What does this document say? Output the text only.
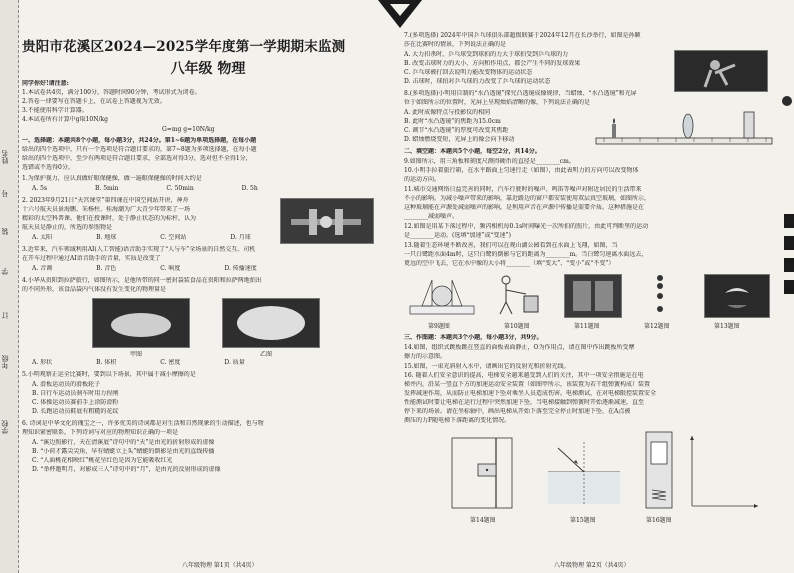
姓名
号
装
学
订
年级
学校
贵阳市花溪区2024—2025学年度第一学期期末监测
八年级 物理
同学你好!请注意:
1.本试卷共4页，满分100分，答题时间90分钟，考试形式为闭卷。
2.答卷一律要写在答题卡上，在试卷上答题视为无效。
3.不能使用科学计算器。
4.本试卷所有计算中g取10N/kg
G=mg g=10N/kg
一、选择题：本题共8个小题，每小题3分，共24分。第1~6题为单项选择题，在每小题
给出的四个选项中，只有一个选项是符合题目要求的，第7~8题为多项选择题，在每小题
给出的四个选项中，至少有两项是符合题目要求，全部选对得3分，选对但不全得1分，
选错或不选得0分。
1.为保护视力，应认真做好眼保健操，做一遍眼保健操的时间大约是
A. 5s	B. 5min	C. 50min	D. 5h
2. 2023年9月21日“天宫课堂”第四课在中国空间站开讲，神舟
十六号航天员景海鹏、朱杨柱、桂海潮为广大青少年带来了一场
精彩的太空科普课。他们在授课时，处于静止状态的为标杆，认为
航天员是静止的，所选的参照物是
A. 太阳	B. 地球	C. 空间站	D. 月球
3.近年来，汽车领域利用AI(人工智能)语音助手实现了“人与车”全场景的自然交互。司机
在开车过程中通过AI语音助手的音量，实质是改变了
A. 音调	B. 音色	C. 响度	D. 传播速度
4.小华从贵阳到拉萨旅行，如图所示，是他所带的同一密封袋装食品在贵阳和拉萨两地拍出
的不同外形，该食品袋内气体没有发生变化的物理量是
甲图	乙图
A. 形状	B. 体积	C. 密度	D. 质量
5.小明观察正运全比赛时，要到以下场景，其中属于减小摩擦的是
A. 滑板运动员的滑板轮子
B. 自行车运动员刹车时用力捏闸
C. 体操运动员赛前手上涂防滑粉
D. 长跑运动员鞋底有粗糙的花纹
6. 诗词是中华文化的瑰宝之一，许多优美的诗词都是对生活和自然现象的生动描述，也与物
理知识紧密联系，下列诗词与对应的物理知识正确的一项是
A. “溪边照影行，天在清溪底”诗句中的“天”是由光的折射形成的虚像
B. “小荷才露尖尖角，早有蜻蜓立上头”蜻蜓的倒影是由光的直线传播
C. “人面桃花相映红”桃花呈红色是因为它能吸收红光
D. “举杯邀明月，对影成三人”诗句中的“月”，是由光的反射形成的虚像
八年级物理 第1页（共4页）
7.(多项选择) 2024年中国乒乓球俱乐部超级联赛于2024年12月在长沙举行，如图是孙颖
莎在比赛时的情景，下列说法正确的是
A. 大力扣杀时，乒乓球受到球拍的力大于球拍受到乒乓球的力
B. 改变击球时力的大小、方向和作用点，都会产生不同的发球效果
C. 乒乓球被打回去说明力能改变物体的运动状态
D. 击球时，球拍对乒乓球的力改变了乒乓球的运动状态
8.(多项选择)小明用自制的“水凸透镜”探究凸透镜成像规律，当蜡烛、“水凸透镜”和光屏
位于如图所示的位置时，光屏上呈现烛焰清晰的像，下列说法正确的是
A. 此时成像特点与投影仪的相同
B. 此时“水凸透镜”的焦距为15.0cm
C. 调节“水凸透镜”的厚度可改变其焦距
D. 蜡烛燃烧变短，光屏上的像会向下移动
二、填空题：本题共5个小题，每空2分，共14分。
9.如图所示，用三角板和刻度尺测得硬币的直径是________cm。
10.小明手拉着旅行箱，在水平路面上匀速行走（如图），由此表明力的方向可以改变物体
的运动方向。
11.城市交通网络日益完善的同时，汽车行驶时的噪声、鸣笛等噪声对附近居民的生活带来
不小的影响。为减小噪声带来的影响，靠近路边的窗户都安装使用双层真空玻璃，如图所示，
这种玻璃能在声源处减弱噪声的影响，是利用声音在声源中传播是需要介质。这种措施是在
________减弱噪声。
12.如图是用某下落过程中，频闪相机每0.1s时间曝光一次所拍的照片，由此可判断里的运动
是________运动。(选填“加速”或“变速”)
13.随着生态环境不断改善，我们可以在观山湖公园看到在水面上飞翔，如图，当
一只白鹭距水面4m时，这只白鹭的倒影与它的距离为________m。当白鹭匀速离水面远去，
更远的空中飞去，它在水中像的大小将________（填“变大”、“变小”或“不变”）
第9题图	第10题图	第11题图	第12题图	第13题图
三、作图题：本题共3个小题，每小题3分，共9分。
14.如图，组织式跳板跳在竖直的面板表面静止，O为作用点，请在图中作出跳板所受摩
擦力的示意图。
15.如图，一束光斜射入水中，请画出它的反射光和折射光线。
16. 随着人们安全意识的提高，电梯安全越来越受到人们的关注，其中一项安全措施是在电
梯井内，沿某一竖直下方的加速运动安全装置（如图甲所示，该装置为若干组弹簧构成）装置
发挥减速作用，从而防止电梯加速下坠对乘坐人员造成伤害。电梯测试，在对电梯限控装置安全
性能测试时要让电梯在运行过程中突然加速下坠，当电梯接触到弹簧时开始逐渐减速，直至
停下来的场景。请在坐标轴中，画出电梯从开始下落至完全停止时加速下坠、在A点被
测压的力F随电梯下落距离的变化情况。
第14题图	第15题图	第16题图
八年级物理 第2页（共4页）
